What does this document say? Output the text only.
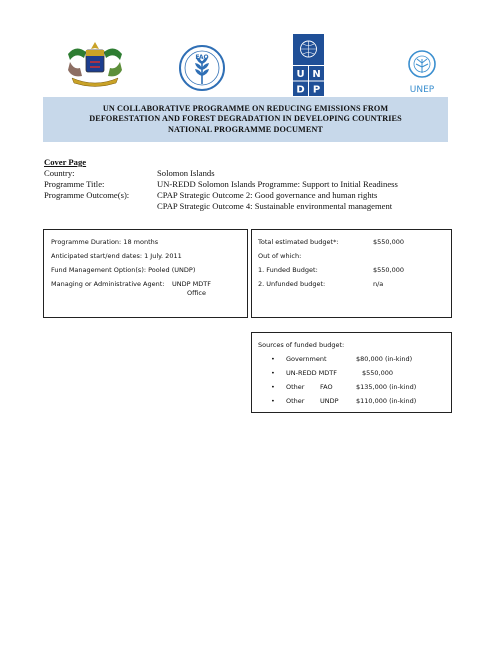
FAO
U N
D P	UNEP
UN COLLABORATIVE PROGRAMME ON REDUCING EMISSIONS FROM
DEFORESTATION AND FOREST DEGRADATION IN DEVELOPING COUNTRIES
NATIONAL PROGRAMME DOCUMENT
Cover Page
Country:	Solomon Islands
Programme Title:	UN-REDD Solomon Islands Programme: Support to Initial Readiness
Programme Outcome(s):	CPAP Strategic Outcome 2: Good governance and human rights
CPAP Strategic Outcome 4: Sustainable environmental management
Programme Duration: 18 months
Anticipated start/end dates: 1 July. 2011
Fund Management Option(s): Pooled (UNDP)
Managing or Administrative Agent: UNDP MDTF
Office
Total estimated budget*:	$550,000
Out of which:
1. Funded Budget:	$550,000
2. Unfunded budget:	n/a
Sources of funded budget:
• Government	$80,000 (in-kind)
• UN-REDD MDTF	$550,000
• Other FAO	$135,000 (in-kind)
• Other UNDP	$110,000 (in-kind)
